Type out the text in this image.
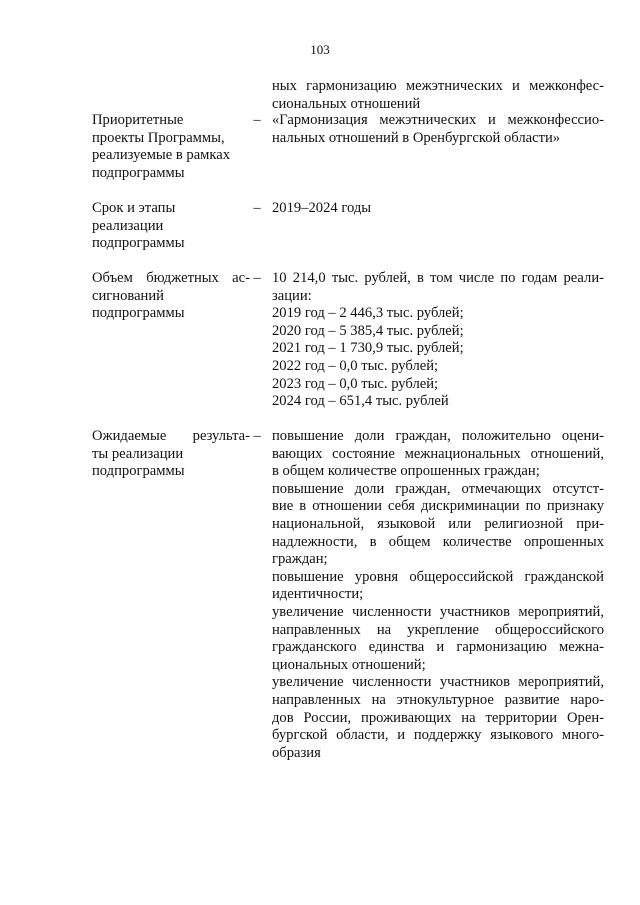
103
ных гармонизацию межэтнических и межконфес-
сиональных отношений
Приоритетные
проекты Программы,
реализуемые в рамках
подпрограммы
– «Гармонизация межэтнических и межконфессио-
нальных отношений в Оренбургской области»
Срок и этапы
реализации
подпрограммы
– 2019–2024 годы
Объем бюджетных ас-
сигнований
подпрограммы
– 10 214,0 тыс. рублей, в том числе по годам реали-
зации:
2019 год – 2 446,3 тыс. рублей;
2020 год – 5 385,4 тыс. рублей;
2021 год – 1 730,9 тыс. рублей;
2022 год – 0,0 тыс. рублей;
2023 год – 0,0 тыс. рублей;
2024 год – 651,4 тыс. рублей
Ожидаемые результа-
ты реализации
подпрограммы
– повышение доли граждан, положительно оцени-
вающих состояние межнациональных отношений,
в общем количестве опрошенных граждан;
повышение доли граждан, отмечающих отсутст-
вие в отношении себя дискриминации по признаку
национальной, языковой или религиозной при-
надлежности, в общем количестве опрошенных
граждан;
повышение уровня общероссийской гражданской
идентичности;
увеличение численности участников мероприятий,
направленных на укрепление общероссийского
гражданского единства и гармонизацию межна-
циональных отношений;
увеличение численности участников мероприятий,
направленных на этнокультурное развитие наро-
дов России, проживающих на территории Орен-
бургской области, и поддержку языкового много-
образия
